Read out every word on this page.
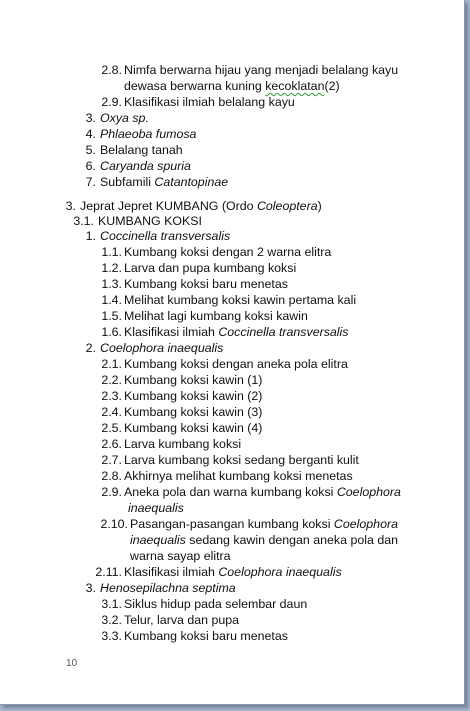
2.8. Nimfa berwarna hijau yang menjadi belalang kayu
dewasa berwarna kuning kecoklatan(2)
2.9. Klasifikasi ilmiah belalang kayu
3. Oxya sp.
4. Phlaeoba fumosa
5. Belalang tanah
6. Caryanda spuria
7. Subfamili Catantopinae
3. Jeprat Jepret KUMBANG (Ordo Coleoptera)
3.1. KUMBANG KOKSI
1. Coccinella transversalis
1.1. Kumbang koksi dengan 2 warna elitra
1.2. Larva dan pupa kumbang koksi
1.3. Kumbang koksi baru menetas
1.4. Melihat kumbang koksi kawin pertama kali
1.5. Melihat lagi kumbang koksi kawin
1.6. Klasifikasi ilmiah Coccinella transversalis
2. Coelophora inaequalis
2.1. Kumbang koksi dengan aneka pola elitra
2.2. Kumbang koksi kawin (1)
2.3. Kumbang koksi kawin (2)
2.4. Kumbang koksi kawin (3)
2.5. Kumbang koksi kawin (4)
2.6. Larva kumbang koksi
2.7. Larva kumbang koksi sedang berganti kulit
2.8. Akhirnya melihat kumbang koksi menetas
2.9. Aneka pola dan warna kumbang koksi Coelophora
inaequalis
2.10. Pasangan-pasangan kumbang koksi Coelophora
inaequalis sedang kawin dengan aneka pola dan
warna sayap elitra
2.11. Klasifikasi ilmiah Coelophora inaequalis
3. Henosepilachna septima
3.1. Siklus hidup pada selembar daun
3.2. Telur, larva dan pupa
3.3. Kumbang koksi baru menetas
10
